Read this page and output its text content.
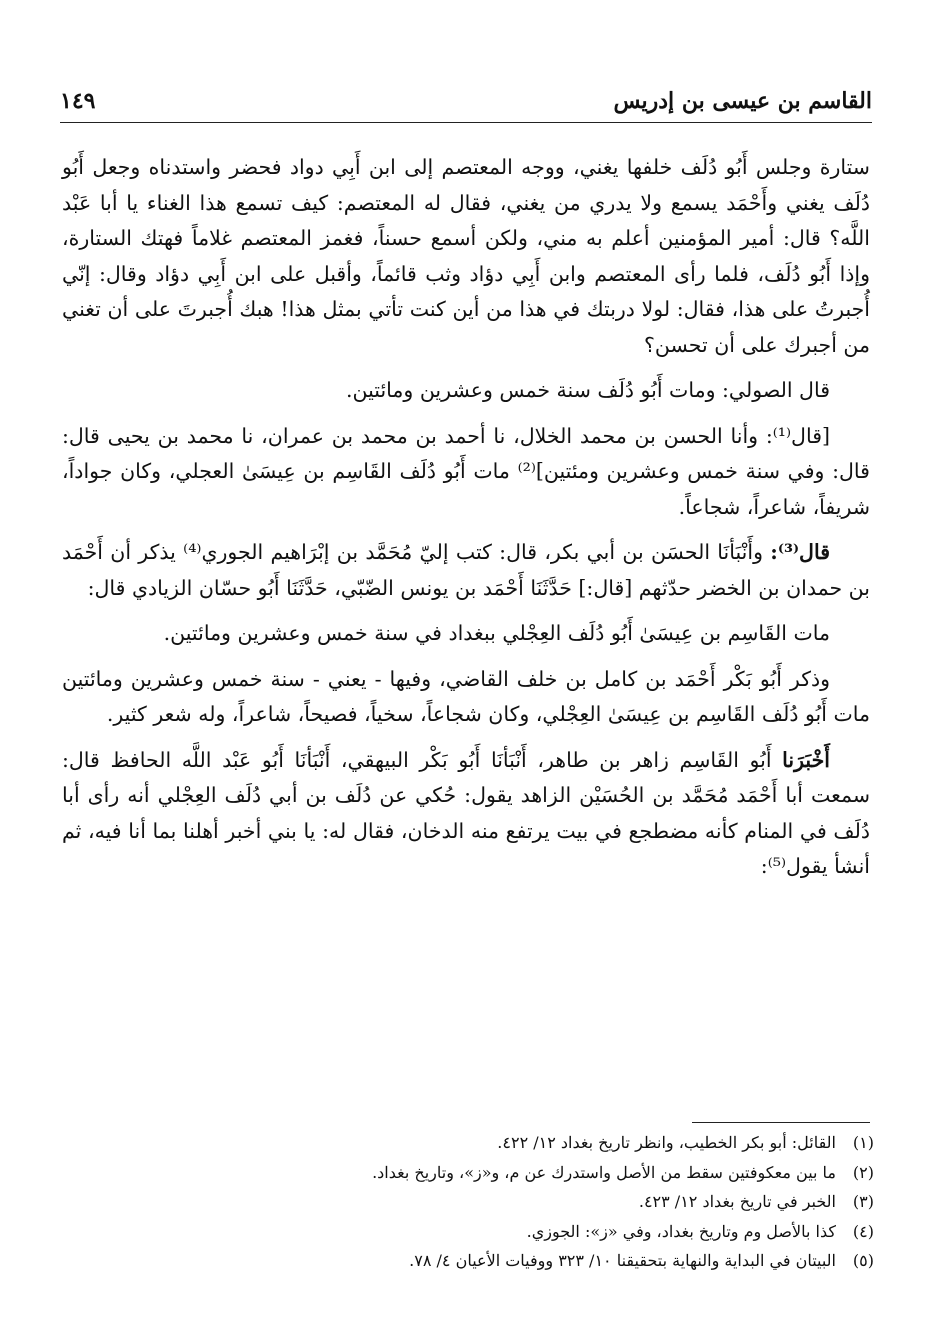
القاسم بن عيسى بن إدريس
١٤٩

ستارة وجلس أَبُو دُلَف خلفها يغني، ووجه المعتصم إلى ابن أَبِي دواد فحضر واستدناه وجعل أَبُو دُلَف يغني وأَحْمَد يسمع ولا يدري من يغني، فقال له المعتصم: كيف تسمع هذا الغناء يا أبا عَبْد اللَّه؟ قال: أمير المؤمنين أعلم به مني، ولكن أسمع حسناً، فغمز المعتصم غلاماً فهتك الستارة، وإذا أَبُو دُلَف، فلما رأى المعتصم وابن أَبِي دؤاد وثب قائماً، وأقبل على ابن أَبِي دؤاد وقال: إنّي أُجبرتُ على هذا، فقال: لولا دربتك في هذا من أين كنت تأتي بمثل هذا! هبك أُجبرتَ على أن تغني من أجبرك على أن تحسن؟

قال الصولي: ومات أَبُو دُلَف سنة خمس وعشرين ومائتين.

[قال⁽¹⁾: وأنا الحسن بن محمد الخلال، نا أحمد بن محمد بن عمران، نا محمد بن يحيى قال: قال: وفي سنة خمس وعشرين ومئتين]⁽²⁾ مات أَبُو دُلَف القَاسِم بن عِيسَىٰ العجلي، وكان جواداً، شريفاً، شاعراً، شجاعاً.

قال⁽³⁾: وأَنْبَأنَا الحسَن بن أبي بكر، قال: كتب إليّ مُحَمَّد بن إبْرَاهيم الجوري⁽⁴⁾ يذكر أن أَحْمَد بن حمدان بن الخضر حدّثهم [قال:] حَدَّثَنَا أَحْمَد بن يونس الضّبّي، حَدَّثَنَا أَبُو حسّان الزيادي قال:

مات القَاسِم بن عِيسَىٰ أَبُو دُلَف العِجْلي ببغداد في سنة خمس وعشرين ومائتين.

وذكر أَبُو بَكْر أَحْمَد بن كامل بن خلف القاضي، وفيها - يعني - سنة خمس وعشرين ومائتين مات أَبُو دُلَف القَاسِم بن عِيسَىٰ العِجْلي، وكان شجاعاً، سخياً، فصيحاً، شاعراً، وله شعر كثير.

أَخْبَرَنا أَبُو القَاسِم زاهر بن طاهر، أَنْبَأنَا أَبُو بَكْر البيهقي، أَنْبَأنَا أَبُو عَبْد اللَّه الحافظ قال: سمعت أبا أَحْمَد مُحَمَّد بن الحُسَيْن الزاهد يقول: حُكي عن دُلَف بن أبي دُلَف العِجْلي أنه رأى أبا دُلَف في المنام كأنه مضطجع في بيت يرتفع منه الدخان، فقال له: يا بني أخبر أهلنا بما أنا فيه، ثم أنشأ يقول⁽⁵⁾:

(١)
القائل: أبو بكر الخطيب، وانظر تاريخ بغداد ١٢/ ٤٢٢.
(٢)
ما بين معكوفتين سقط من الأصل واستدرك عن م، و«ز»، وتاريخ بغداد.
(٣)
الخبر في تاريخ بغداد ١٢/ ٤٢٣.
(٤)
كذا بالأصل وم وتاريخ بغداد، وفي «ز»: الجوزي.
(٥)
البيتان في البداية والنهاية بتحقيقنا ١٠/ ٣٢٣ ووفيات الأعيان ٤/ ٧٨.
